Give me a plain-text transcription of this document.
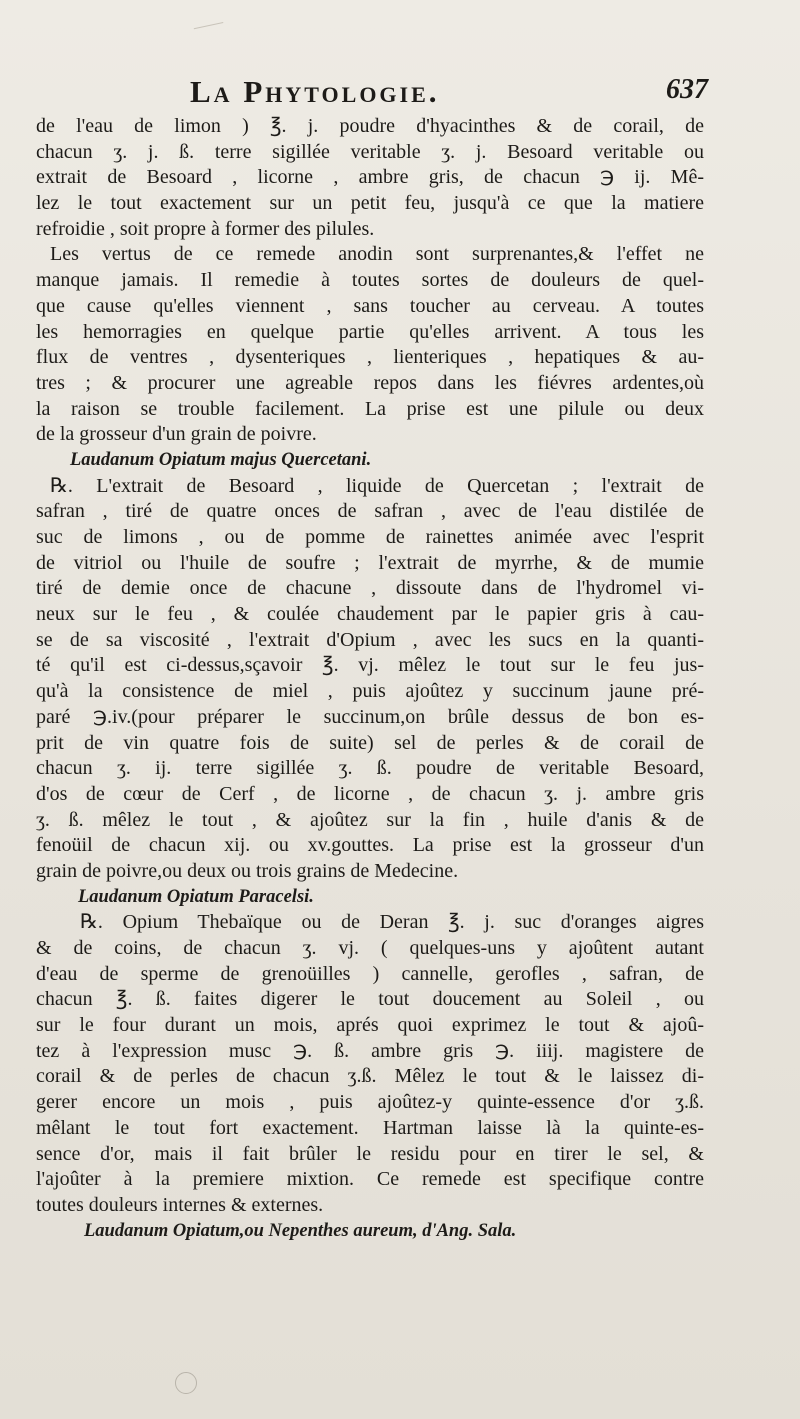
La Phytologie.	637
de l'eau de limon ) ℥. j. poudre d'hyacinthes & de corail, de
chacun ʒ. j. ß. terre sigillée veritable ʒ. j. Besoard veritable ou
extrait de Besoard , licorne , ambre gris, de chacun ℈ ij. Mê-
lez le tout exactement sur un petit feu, jusqu'à ce que la matiere
refroidie , soit propre à former des pilules.
Les vertus de ce remede anodin sont surprenantes,& l'effet ne
manque jamais. Il remedie à toutes sortes de douleurs de quel-
que cause qu'elles viennent , sans toucher au cerveau. A toutes
les hemorragies en quelque partie qu'elles arrivent. A tous les
flux de ventres , dysenteriques , lienteriques , hepatiques & au-
tres ; & procurer une agreable repos dans les fiévres ardentes,où
la raison se trouble facilement. La prise est une pilule ou deux
de la grosseur d'un grain de poivre.
Laudanum Opiatum majus Quercetani.
℞. L'extrait de Besoard , liquide de Quercetan ; l'extrait de
safran , tiré de quatre onces de safran , avec de l'eau distilée de
suc de limons , ou de pomme de rainettes animée avec l'esprit
de vitriol ou l'huile de soufre ; l'extrait de myrrhe, & de mumie
tiré de demie once de chacune , dissoute dans de l'hydromel vi-
neux sur le feu , & coulée chaudement par le papier gris à cau-
se de sa viscosité , l'extrait d'Opium , avec les sucs en la quanti-
té qu'il est ci-dessus,sçavoir ℥. vj. mêlez le tout sur le feu jus-
qu'à la consistence de miel , puis ajoûtez y succinum jaune pré-
paré ℈.iv.(pour préparer le succinum,on brûle dessus de bon es-
prit de vin quatre fois de suite) sel de perles & de corail de
chacun ʒ. ij. terre sigillée ʒ. ß. poudre de veritable Besoard,
d'os de cœur de Cerf , de licorne , de chacun ʒ. j. ambre gris
ʒ. ß. mêlez le tout , & ajoûtez sur la fin , huile d'anis & de
fenoüil de chacun xij. ou xv.gouttes. La prise est la grosseur d'un
grain de poivre,ou deux ou trois grains de Medecine.
Laudanum Opiatum Paracelsi.
℞. Opium Thebaïque ou de Deran ℥. j. suc d'oranges aigres
& de coins, de chacun ʒ. vj. ( quelques-uns y ajoûtent autant
d'eau de sperme de grenoüilles ) cannelle, gerofles , safran, de
chacun ℥. ß. faites digerer le tout doucement au Soleil , ou
sur le four durant un mois, aprés quoi exprimez le tout & ajoû-
tez à l'expression musc ℈. ß. ambre gris ℈. iiij. magistere de
corail & de perles de chacun ʒ.ß. Mêlez le tout & le laissez di-
gerer encore un mois , puis ajoûtez-y quinte-essence d'or ʒ.ß.
mêlant le tout fort exactement. Hartman laisse là la quinte-es-
sence d'or, mais il fait brûler le residu pour en tirer le sel, &
l'ajoûter à la premiere mixtion. Ce remede est specifique contre
toutes douleurs internes & externes.
Laudanum Opiatum,ou Nepenthes aureum, d'Ang. Sala.
